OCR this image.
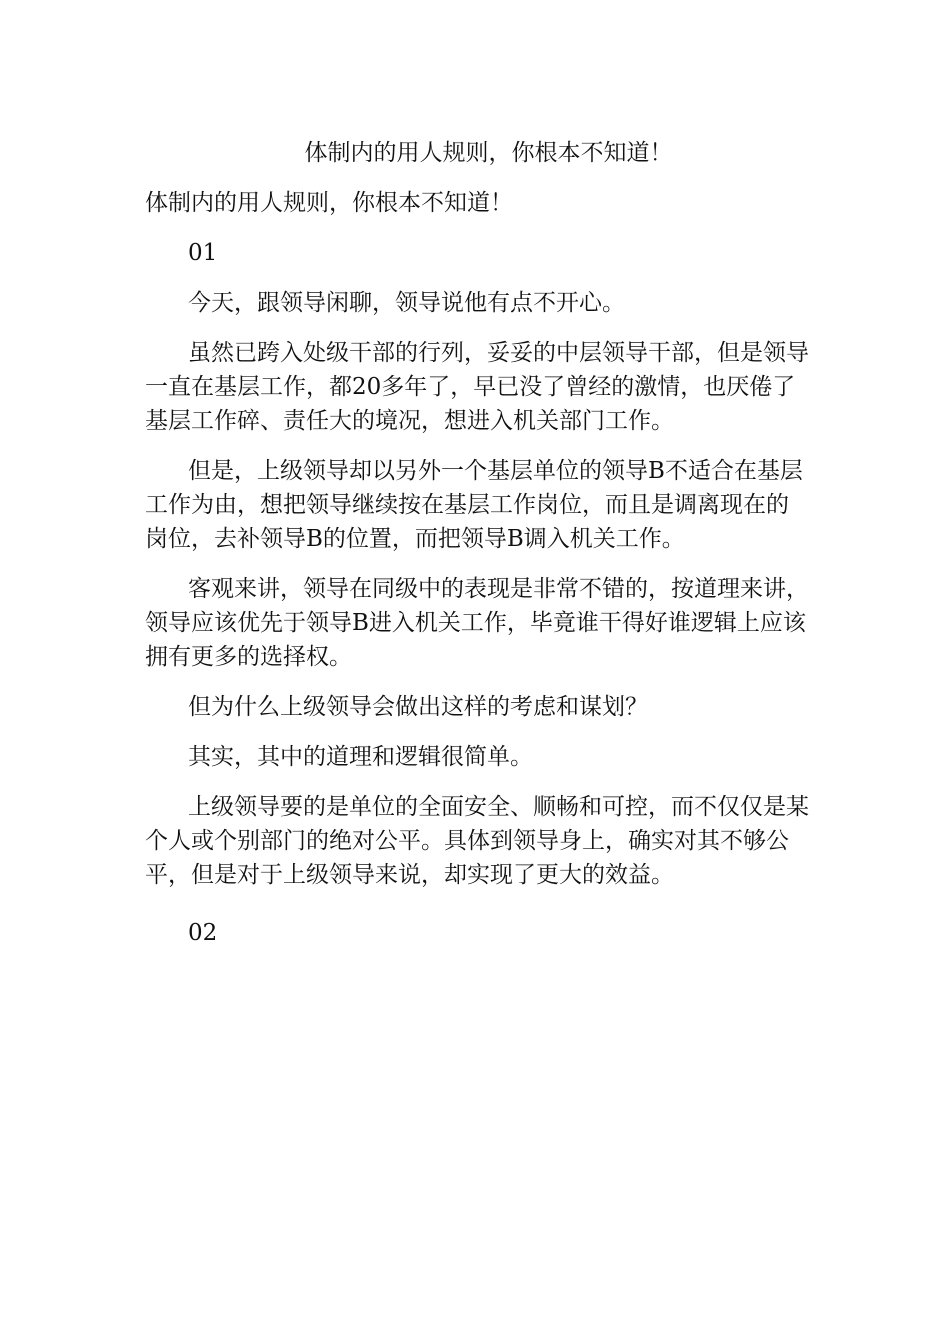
体制内的用人规则，你根本不知道！

体制内的用人规则，你根本不知道！

01

今天，跟领导闲聊，领导说他有点不开心。

虽然已跨入处级干部的行列，妥妥的中层领导干部，但是领导一直在基层工作，都20多年了，早已没了曾经的激情，也厌倦了基层工作碎、责任大的境况，想进入机关部门工作。

但是，上级领导却以另外一个基层单位的领导B不适合在基层工作为由，想把领导继续按在基层工作岗位，而且是调离现在的岗位，去补领导B的位置，而把领导B调入机关工作。

客观来讲，领导在同级中的表现是非常不错的，按道理来讲，领导应该优先于领导B进入机关工作，毕竟谁干得好谁逻辑上应该拥有更多的选择权。

但为什么上级领导会做出这样的考虑和谋划？

其实，其中的道理和逻辑很简单。

上级领导要的是单位的全面安全、顺畅和可控，而不仅仅是某个人或个别部门的绝对公平。具体到领导身上，确实对其不够公平，但是对于上级领导来说，却实现了更大的效益。

02
